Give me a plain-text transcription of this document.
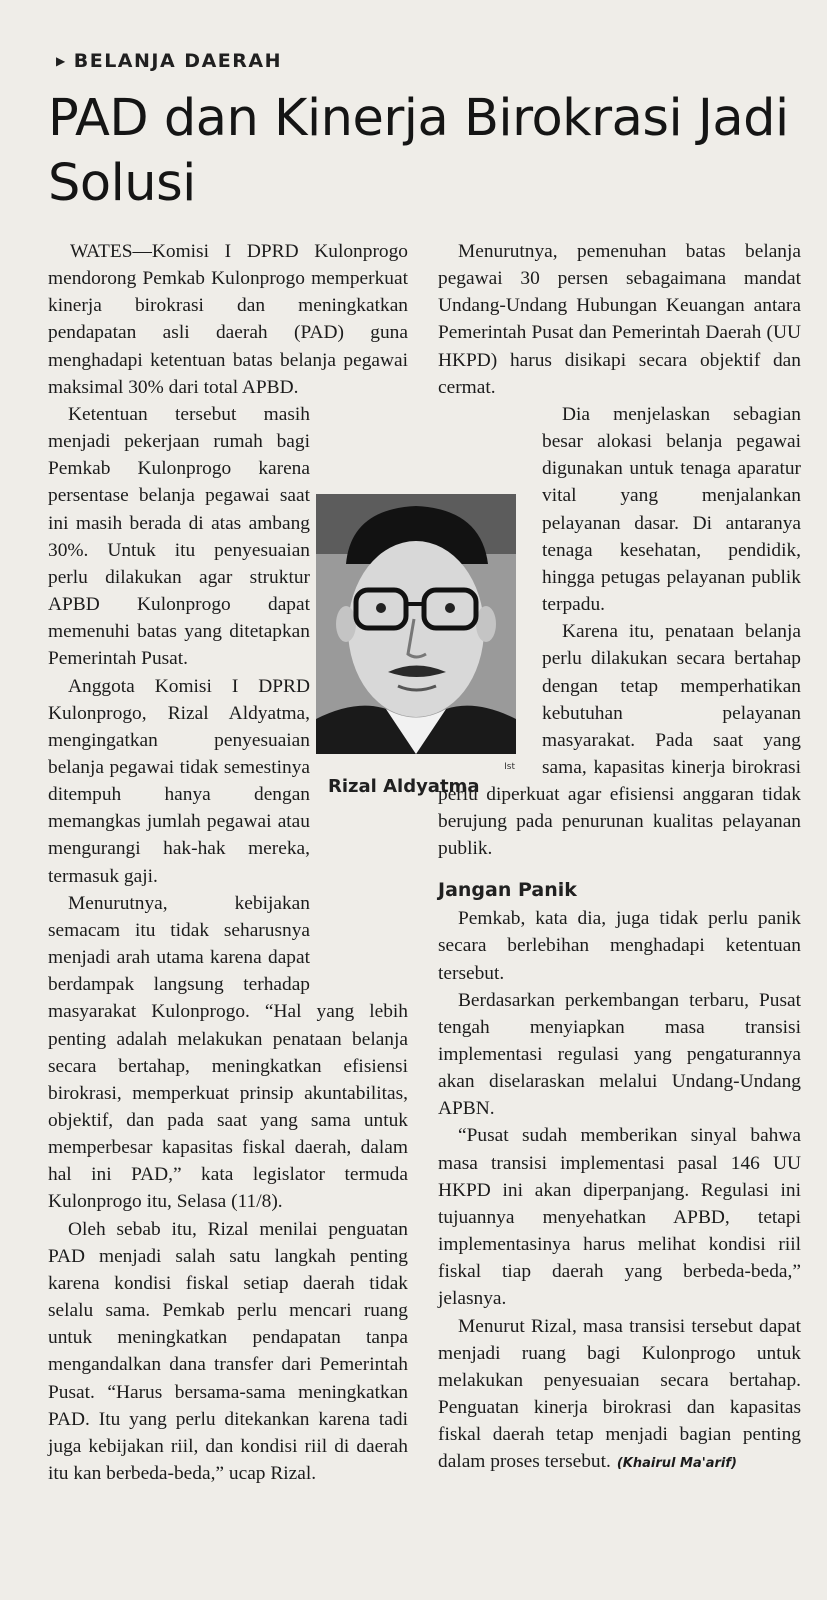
▶ BELANJA DAERAH
PAD dan Kinerja Birokrasi Jadi Solusi

WATES—Komisi I DPRD Kulonprogo mendorong Pemkab Kulonprogo memperkuat kinerja birokrasi dan meningkatkan pendapatan asli daerah (PAD) guna menghadapi ketentuan batas belanja pegawai maksimal 30% dari total APBD.

Ketentuan tersebut masih menjadi pekerjaan rumah bagi Pemkab Kulonprogo karena persentase belanja pegawai saat ini masih berada di atas ambang 30%. Untuk itu penyesuaian perlu dilakukan agar struktur APBD Kulonprogo dapat memenuhi batas yang ditetapkan Pemerintah Pusat.

Anggota Komisi I DPRD Kulonprogo, Rizal Aldyatma, mengingatkan penyesuaian belanja pegawai tidak semestinya ditempuh hanya dengan memangkas jumlah pegawai atau mengurangi hak-hak mereka, termasuk gaji.

Menurutnya, kebijakan semacam itu tidak seharusnya menjadi arah utama karena dapat berdampak langsung terhadap masyarakat Kulonprogo. “Hal yang lebih penting adalah melakukan penataan belanja secara bertahap, meningkatkan efisiensi birokrasi, memperkuat prinsip akuntabilitas, objektif, dan pada saat yang sama untuk memperbesar kapasitas fiskal daerah, dalam hal ini PAD,” kata legislator termuda Kulonprogo itu, Selasa (11/8).

Oleh sebab itu, Rizal menilai penguatan PAD menjadi salah satu langkah penting karena kondisi fiskal setiap daerah tidak selalu sama. Pemkab perlu mencari ruang untuk meningkatkan pendapatan tanpa mengandalkan dana transfer dari Pemerintah Pusat. “Harus bersama-sama meningkatkan PAD. Itu yang perlu ditekankan karena tadi juga kebijakan riil, dan kondisi riil di daerah itu kan berbeda-beda,” ucap Rizal.

Menurutnya, pemenuhan batas belanja pegawai 30 persen sebagaimana mandat Undang-Undang Hubungan Keuangan antara Pemerintah Pusat dan Pemerintah Daerah (UU HKPD) harus disikapi secara objektif dan cermat.

Dia menjelaskan sebagian besar alokasi belanja pegawai digunakan untuk tenaga aparatur vital yang menjalankan pelayanan dasar. Di antaranya tenaga kesehatan, pendidik, hingga petugas pelayanan publik terpadu.

Karena itu, penataan belanja perlu dilakukan secara bertahap dengan tetap memperhatikan kebutuhan pelayanan masyarakat. Pada saat yang sama, kapasitas kinerja birokrasi perlu diperkuat agar efisiensi anggaran tidak berujung pada penurunan kualitas pelayanan publik.

Jangan Panik

Pemkab, kata dia, juga tidak perlu panik secara berlebihan menghadapi ketentuan tersebut.

Berdasarkan perkembangan terbaru, Pusat tengah menyiapkan masa transisi implementasi regulasi yang pengaturannya akan diselaraskan melalui Undang-Undang APBN.

“Pusat sudah memberikan sinyal bahwa masa transisi implementasi pasal 146 UU HKPD ini akan diperpanjang. Regulasi ini tujuannya menyehatkan APBD, tetapi implementasinya harus melihat kondisi riil fiskal tiap daerah yang berbeda-beda,” jelasnya.

Menurut Rizal, masa transisi tersebut dapat menjadi ruang bagi Kulonprogo untuk melakukan penyesuaian secara bertahap. Penguatan kinerja birokrasi dan kapasitas fiskal daerah tetap menjadi bagian penting dalam proses tersebut. (Khairul Ma'arif)

Ist
Rizal Aldyatma
